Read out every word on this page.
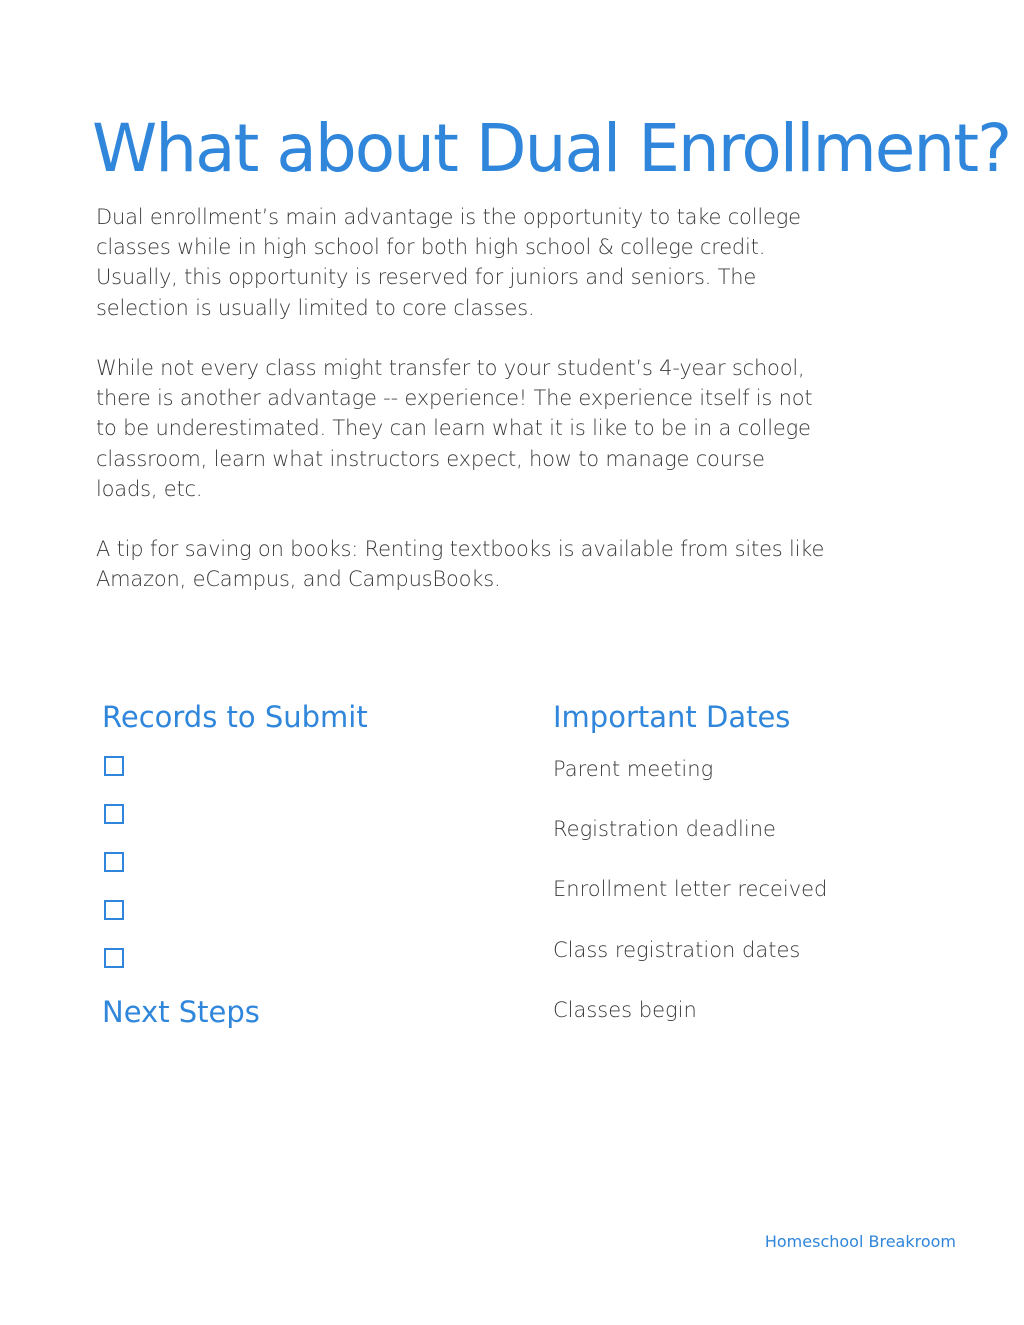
What about Dual Enrollment?

Dual enrollment’s main advantage is the opportunity to take college
classes while in high school for both high school & college credit.
Usually, this opportunity is reserved for juniors and seniors. The
selection is usually limited to core classes.

While not every class might transfer to your student’s 4-year school,
there is another advantage -- experience! The experience itself is not
to be underestimated. They can learn what it is like to be in a college
classroom, learn what instructors expect, how to manage course
loads, etc.

A tip for saving on books: Renting textbooks is available from sites like
Amazon, eCampus, and CampusBooks.

Records to Submit
Next Steps
Important Dates
Parent meeting
Registration deadline
Enrollment letter received
Class registration dates
Classes begin
Homeschool Breakroom
